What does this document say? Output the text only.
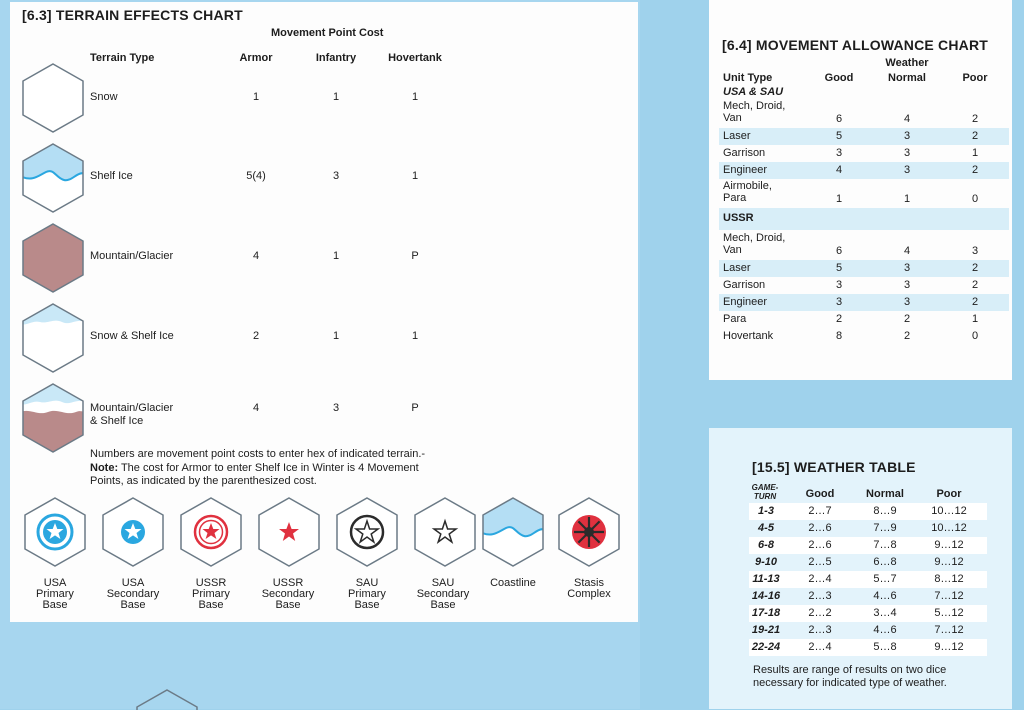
[6.3] TERRAIN EFFECTS CHART
Movement Point Cost
Terrain Type	Armor	Infantry	Hovertank
Snow	1	1	1
Shelf Ice	5(4)	3	1
Mountain/Glacier	4	1	P
Snow & Shelf Ice	2	1	1
Mountain/Glacier
& Shelf Ice
4	3	P
Numbers are movement point costs to enter hex of indicated terrain.-
Note: The cost for Armor to enter Shelf Ice in Winter is 4 Movement
Points, as indicated by the parenthesized cost.
USA
Primary
Base
USA
Secondary
Base
USSR
Primary
Base
USSR
Secondary
Base
SAU
Primary
Base
SAU
Secondary
Base
Coastline	Stasis
Complex
[6.4] MOVEMENT ALLOWANCE CHART
Weather
Unit Type	Good	Normal	Poor
USA & SAU
Mech, Droid,
Van	6	4	2
Laser	5	3	2
Garrison	3	3	1
Engineer	4	3	2
Airmobile,
Para	1	1	0
USSR
Mech, Droid,
Van	6	4	3
Laser	5	3	2
Garrison	3	3	2
Engineer	3	3	2
Para	2	2	1
Hovertank	8	2	0
[15.5] WEATHER TABLE
GAME-
TURN	Good	Normal	Poor
1-3	2…7	8…9	10…12
4-5	2…6	7…9	10…12
6-8	2…6	7…8	9…12
9-10	2…5	6…8	9…12
11-13	2…4	5…7	8…12
14-16	2…3	4…6	7…12
17-18	2…2	3…4	5…12
19-21	2…3	4…6	7…12
22-24	2…4	5…8	9…12
Results are range of results on two dice
necessary for indicated type of weather.
